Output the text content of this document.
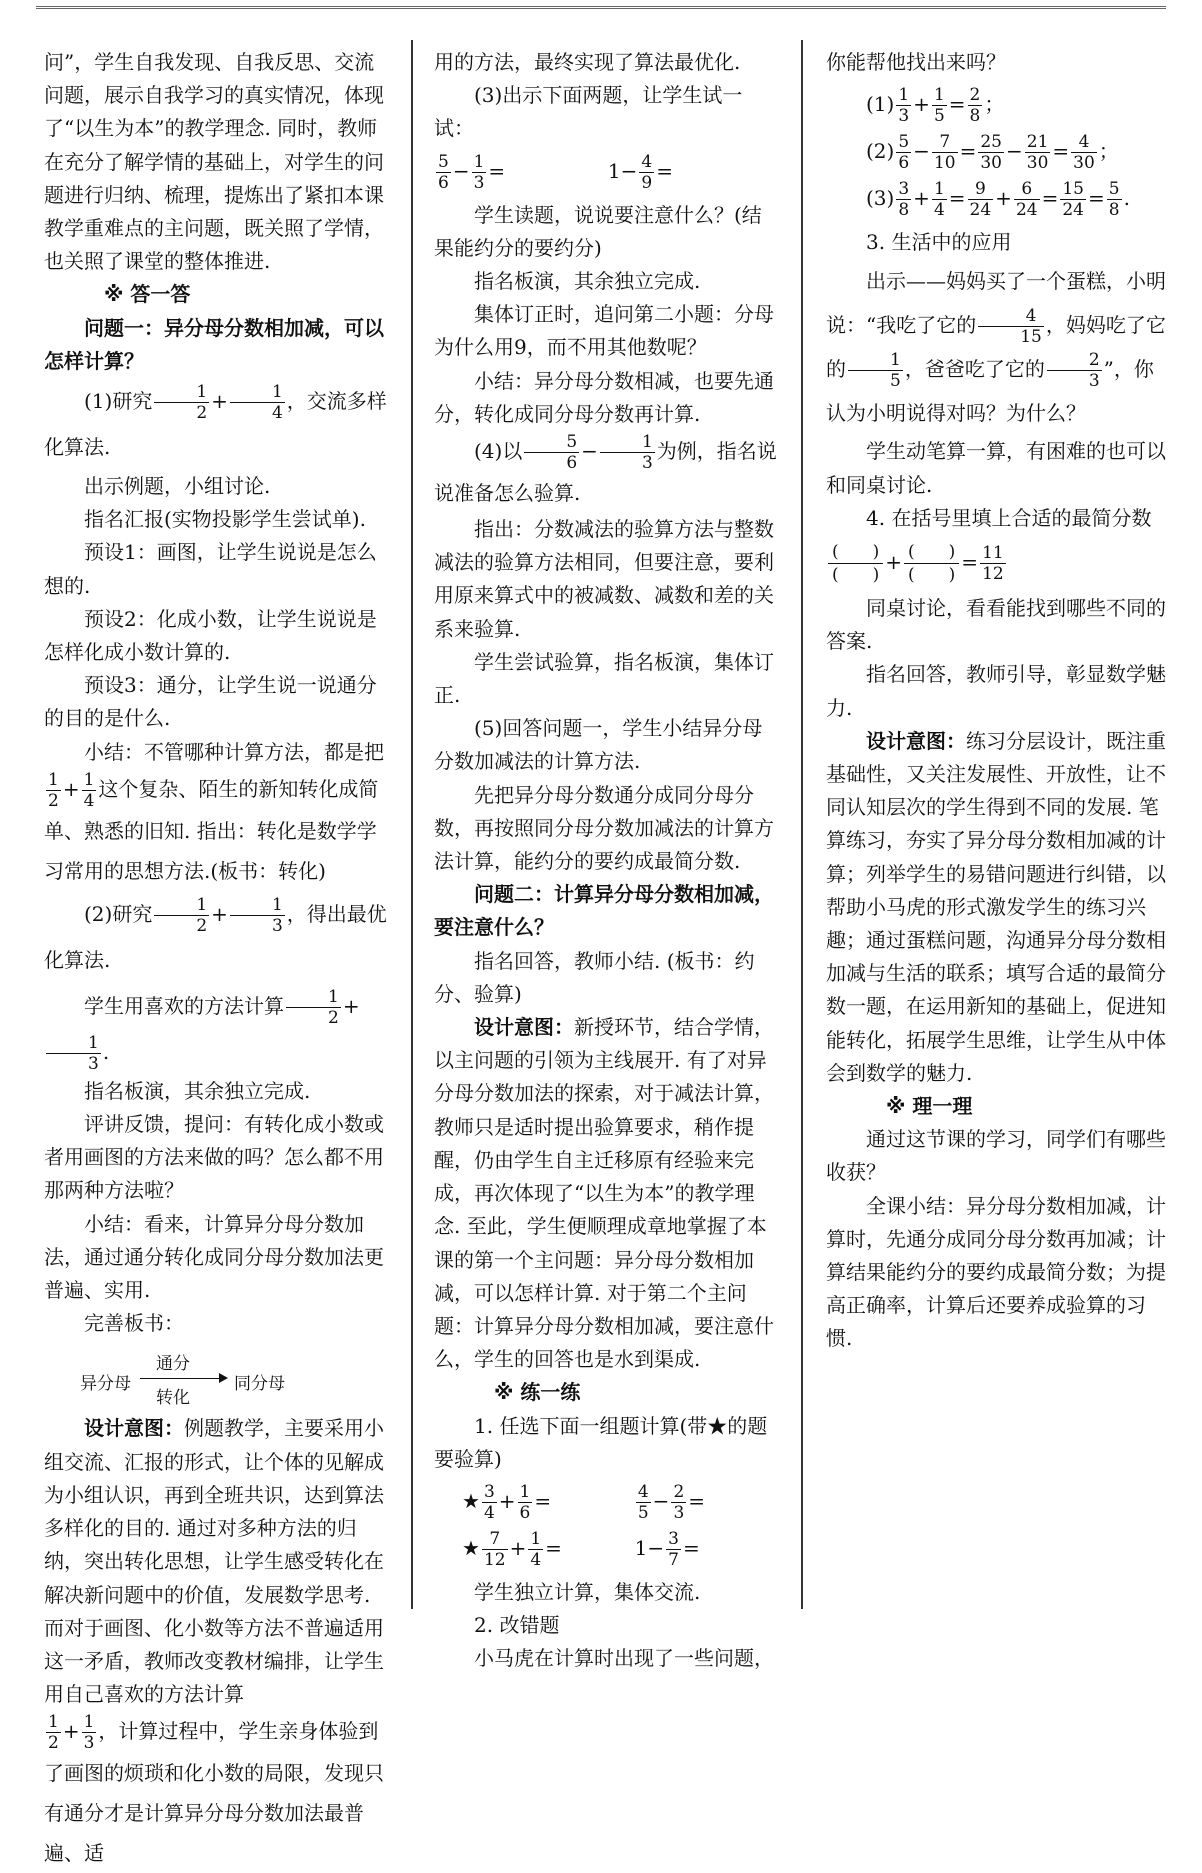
问”，学生自我发现、自我反思、交流问题，展示自我学习的真实情况，体现了“以生为本”的教学理念. 同时，教师在充分了解学情的基础上，对学生的问题进行归纳、梳理，提炼出了紧扣本课教学重难点的主问题，既关照了学情，也关照了课堂的整体推进.

※ 答一答

问题一：异分母分数相加减，可以怎样计算？

(1)研究 $\frac{1}{2} + \frac{1}{4}$ ，交流多样化算法.

出示例题，小组讨论.

指名汇报(实物投影学生尝试单).

预设1：画图，让学生说说是怎么想的.

预设2：化成小数，让学生说说是怎样化成小数计算的.

预设3：通分，让学生说一说通分的目的是什么.

小结：不管哪种计算方法，都是把

$\frac{1}{2} + \frac{1}{4}$ 这个复杂、陌生的新知转化成简单、熟悉的旧知. 指出：转化是数学学习常用的思想方法.(板书：转化)

(2)研究 $\frac{1}{2} + \frac{1}{3}$ ，得出最优化算法.

学生用喜欢的方法计算 $\frac{1}{2}$ +
$\frac{1}{3}$ .

指名板演，其余独立完成.

评讲反馈，提问：有转化成小数或者用画图的方法来做的吗？怎么都不用那两种方法啦？

小结：看来，计算异分母分数加法，通过通分转化成同分母分数加法更普遍、实用.

完善板书：

异分母
通分
转化
同分母

设计意图：例题教学，主要采用小组交流、汇报的形式，让个体的见解成为小组认识，再到全班共识，达到算法多样化的目的. 通过对多种方法的归纳，突出转化思想，让学生感受转化在解决新问题中的价值，发展数学思考. 而对于画图、化小数等方法不普遍适用这一矛盾，教师改变教材编排，让学生用自己喜欢的方法计算

$\frac{1}{2} + \frac{1}{3}$ ，计算过程中，学生亲身体验到了画图的烦琐和化小数的局限，发现只有通分才是计算异分母分数加法最普遍、适

用的方法，最终实现了算法最优化.

(3)出示下面两题，让学生试一试：

$\frac{5}{6} - \frac{1}{3}$ =	$1- \frac{4}{9}$ =

学生读题，说说要注意什么？(结果能约分的要约分)

指名板演，其余独立完成.

集体订正时，追问第二小题：分母为什么用9，而不用其他数呢？

小结：异分母分数相减，也要先通分，转化成同分母分数再计算.

(4)以 $\frac{5}{6} - \frac{1}{3}$ 为例，指名说说准备怎么验算.

指出：分数减法的验算方法与整数减法的验算方法相同，但要注意，要利用原来算式中的被减数、减数和差的关系来验算.

学生尝试验算，指名板演，集体订正.

(5)回答问题一，学生小结异分母分数加减法的计算方法.

先把异分母分数通分成同分母分数，再按照同分母分数加减法的计算方法计算，能约分的要约成最简分数.

问题二：计算异分母分数相加减，要注意什么？

指名回答，教师小结. (板书：约分、验算)

设计意图：新授环节，结合学情，以主问题的引领为主线展开. 有了对异分母分数加法的探索，对于减法计算，教师只是适时提出验算要求，稍作提醒，仍由学生自主迁移原有经验来完成，再次体现了“以生为本”的教学理念. 至此，学生便顺理成章地掌握了本课的第一个主问题：异分母分数相加减，可以怎样计算. 对于第二个主问题：计算异分母分数相加减，要注意什么，学生的回答也是水到渠成.

※ 练一练

1. 任选下面一组题计算(带★的题要验算)

★ $\frac{3}{4} + \frac{1}{6}$ =	$\frac{4}{5} - \frac{2}{3}$ =

★ $\frac{7}{12} + \frac{1}{4}$ =	$1- \frac{3}{7}$ =

学生独立计算，集体交流.

2. 改错题

小马虎在计算时出现了一些问题，

你能帮他找出来吗？

$(1) \frac{1}{3} + \frac{1}{5} = \frac{2}{8}$ ；

$(2) \frac{5}{6} - \frac{7}{10} = \frac{25}{30} - \frac{21}{30} = \frac{4}{30}$ ；

$(3) \frac{3}{8} + \frac{1}{4} = \frac{9}{24} + \frac{6}{24} = \frac{15}{24} = \frac{5}{8}$ .

3. 生活中的应用

出示——妈妈买了一个蛋糕，小明说：“我吃了它的 $\frac{4}{15}$ ，妈妈吃了它的 $\frac{1}{5}$ ，爸爸吃了它的 $\frac{2}{3}$ ”，你认为小明说得对吗？为什么？

学生动笔算一算，有困难的也可以和同桌讨论.

4. 在括号里填上合适的最简分数

(　　)
(　　)
+ (　　)
(　　)
= $\frac{11}{12}$

同桌讨论，看看能找到哪些不同的答案.

指名回答，教师引导，彰显数学魅力.

设计意图：练习分层设计，既注重基础性，又关注发展性、开放性，让不同认知层次的学生得到不同的发展. 笔算练习，夯实了异分母分数相加减的计算；列举学生的易错问题进行纠错，以帮助小马虎的形式激发学生的练习兴趣；通过蛋糕问题，沟通异分母分数相加减与生活的联系；填写合适的最简分数一题，在运用新知的基础上，促进知能转化，拓展学生思维，让学生从中体会到数学的魅力.

※ 理一理

通过这节课的学习，同学们有哪些收获？

全课小结：异分母分数相加减，计算时，先通分成同分母分数再加减；计算结果能约分的要约成最简分数；为提高正确率，计算后还要养成验算的习惯.
